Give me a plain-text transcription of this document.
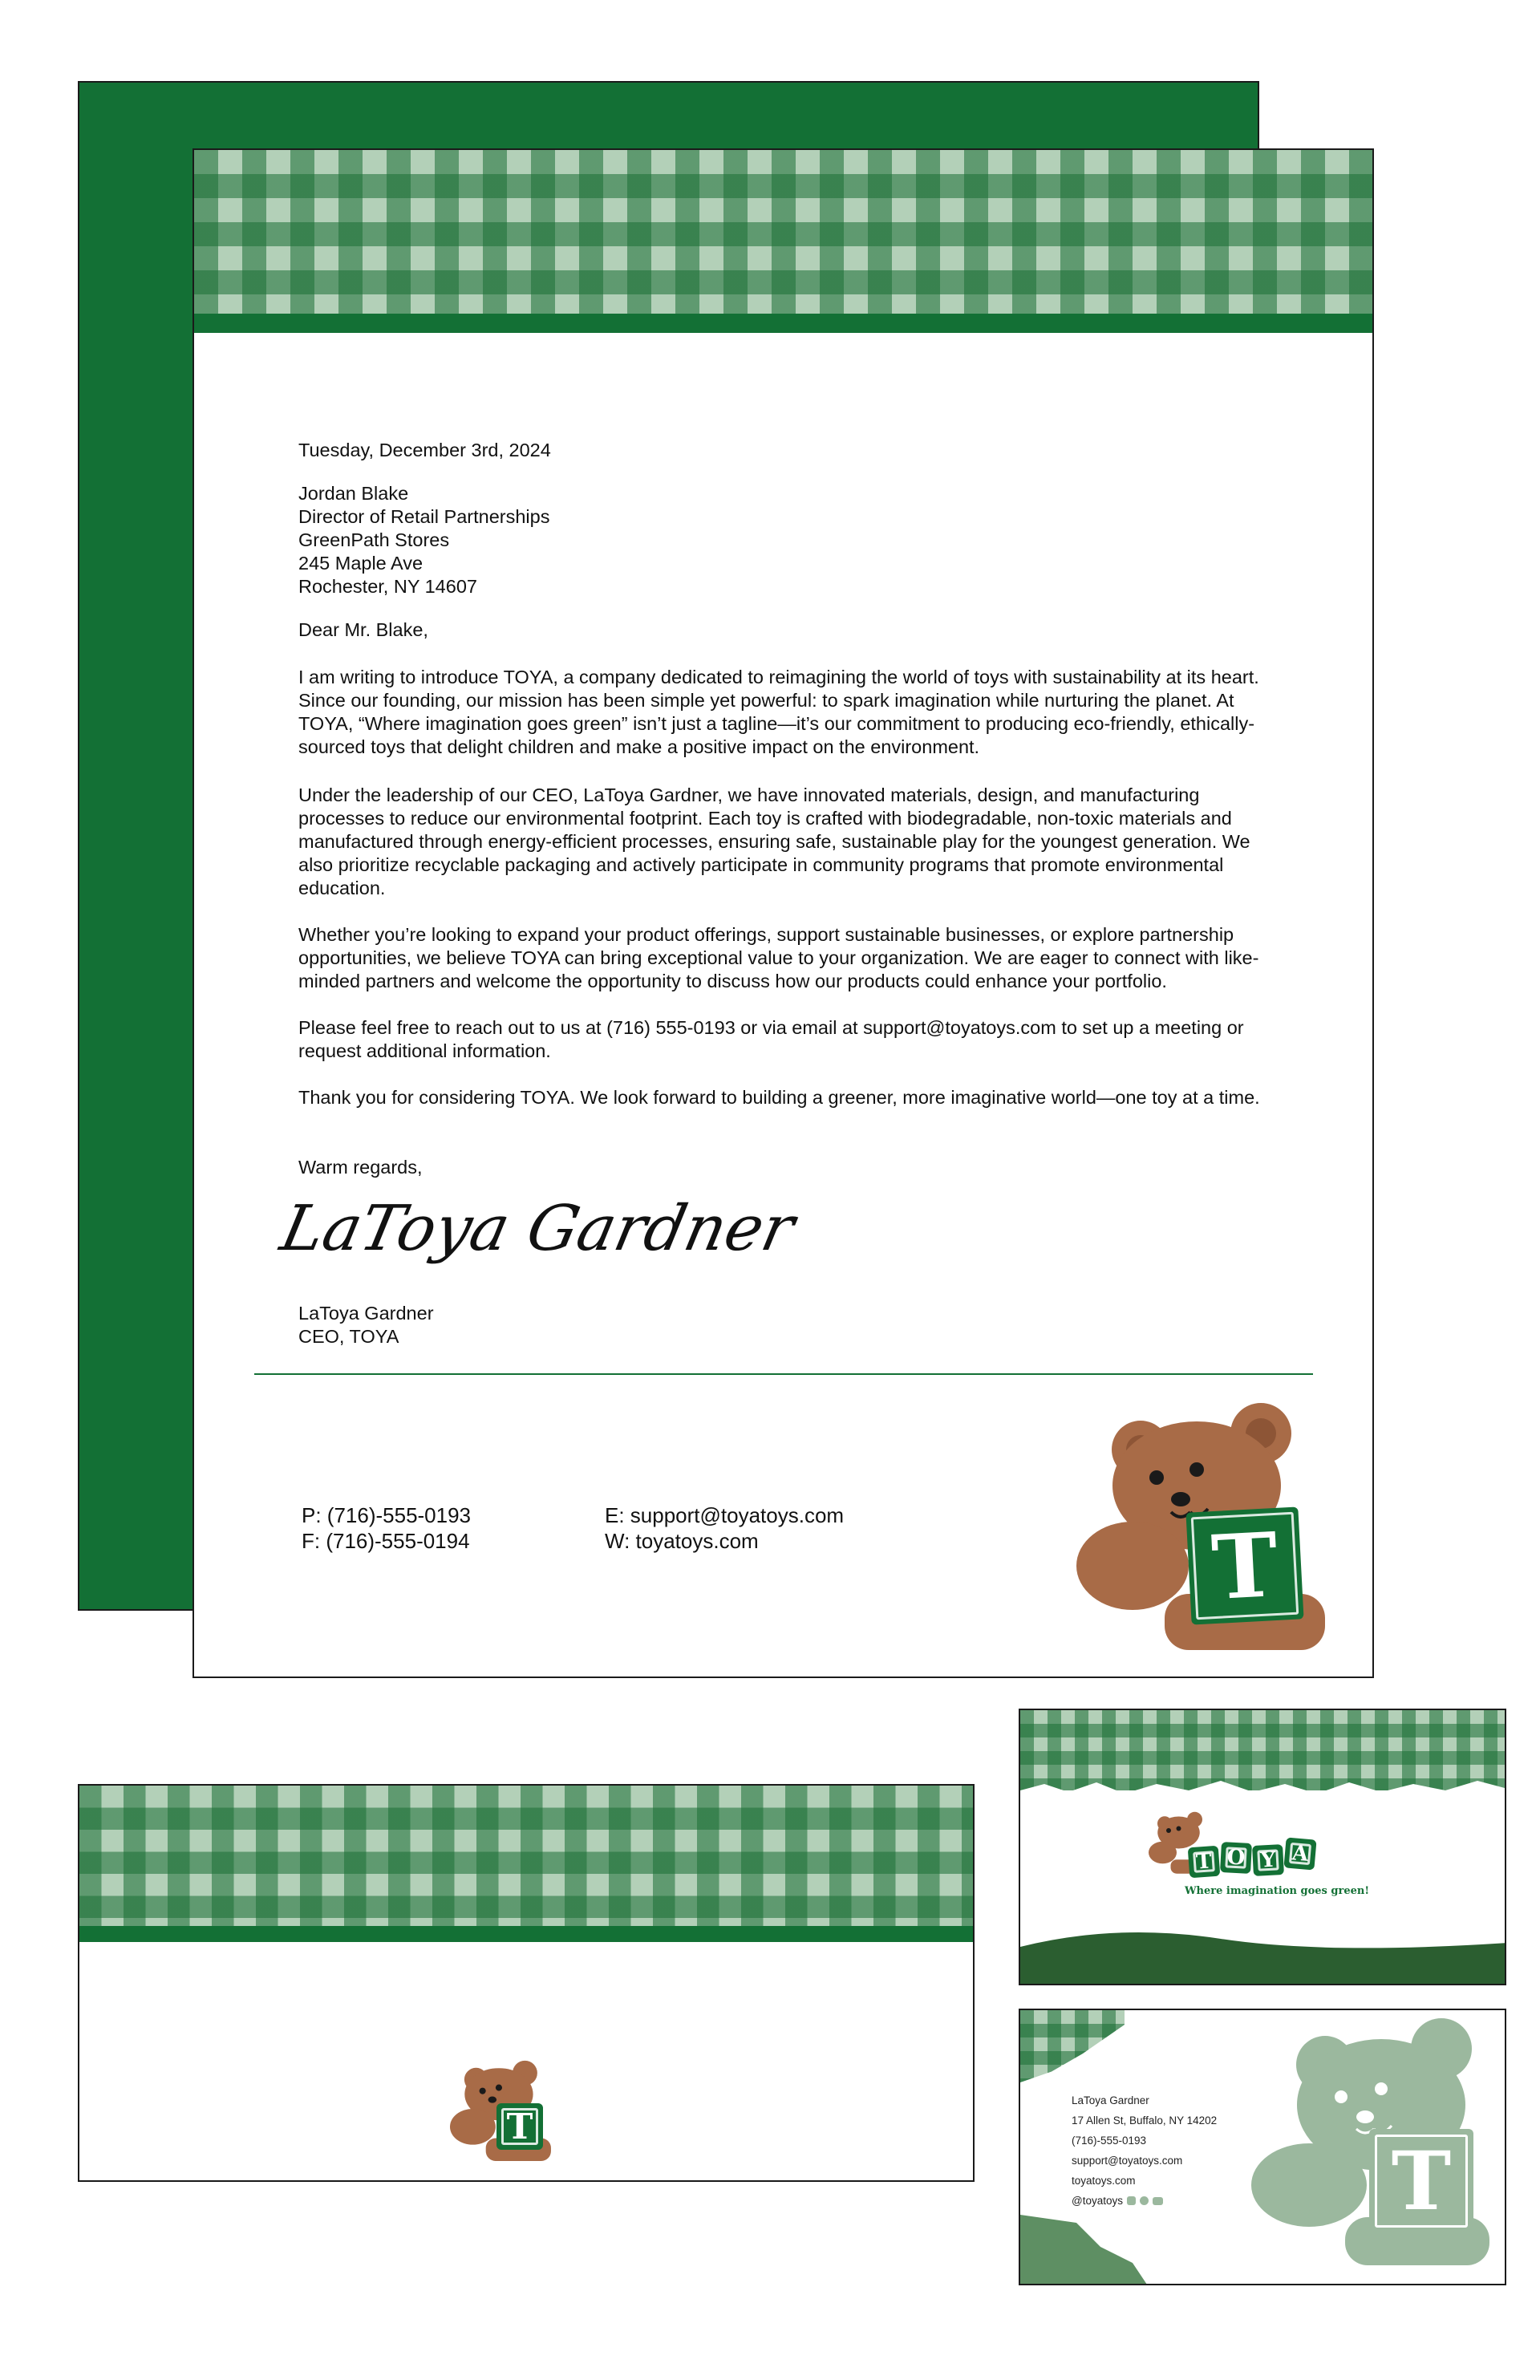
Tuesday, December 3rd, 2024

Jordan Blake

Director of Retail Partnerships

GreenPath Stores

245 Maple Ave

Rochester, NY 14607

Dear Mr. Blake,

I am writing to introduce TOYA, a company dedicated to reimagining the world of toys with sustainability at its heart. Since our founding, our mission has been simple yet powerful: to spark imagination while nurturing the planet. At TOYA, “Where imagination goes green” isn’t just a tagline—it’s our commitment to producing eco-friendly, ethically-sourced toys that delight children and make a positive impact on the environment.

Under the leadership of our CEO, LaToya Gardner, we have innovated materials, design, and manufacturing processes to reduce our environmental footprint. Each toy is crafted with biodegradable, non-toxic materials and manufactured through energy-efficient processes, ensuring safe, sustainable play for the youngest generation. We also prioritize recyclable packaging and actively participate in community programs that promote environmental education.

Whether you’re looking to expand your product offerings, support sustainable businesses, or explore partnership opportunities, we believe TOYA can bring exceptional value to your organization. We are eager to connect with like-minded partners and welcome the opportunity to discuss how our products could enhance your portfolio.

Please feel free to reach out to us at (716) 555-0193 or via email at support@toyatoys.com to set up a meeting or request additional information.

Thank you for considering TOYA. We look forward to building a greener, more imaginative world—one toy at a time.

Warm regards,

LaToya Gardner

LaToya Gardner

CEO, TOYA

P: (716)-555-0193

F: (716)-555-0194

E: support@toyatoys.com

W: toyatoys.com	T
T
T O Y A
Where imagination goes green!

LaToya Gardner

17 Allen St, Buffalo, NY 14202

(716)-555-0193

support@toyatoys.com

toyatoys.com

@toyatoys	T
